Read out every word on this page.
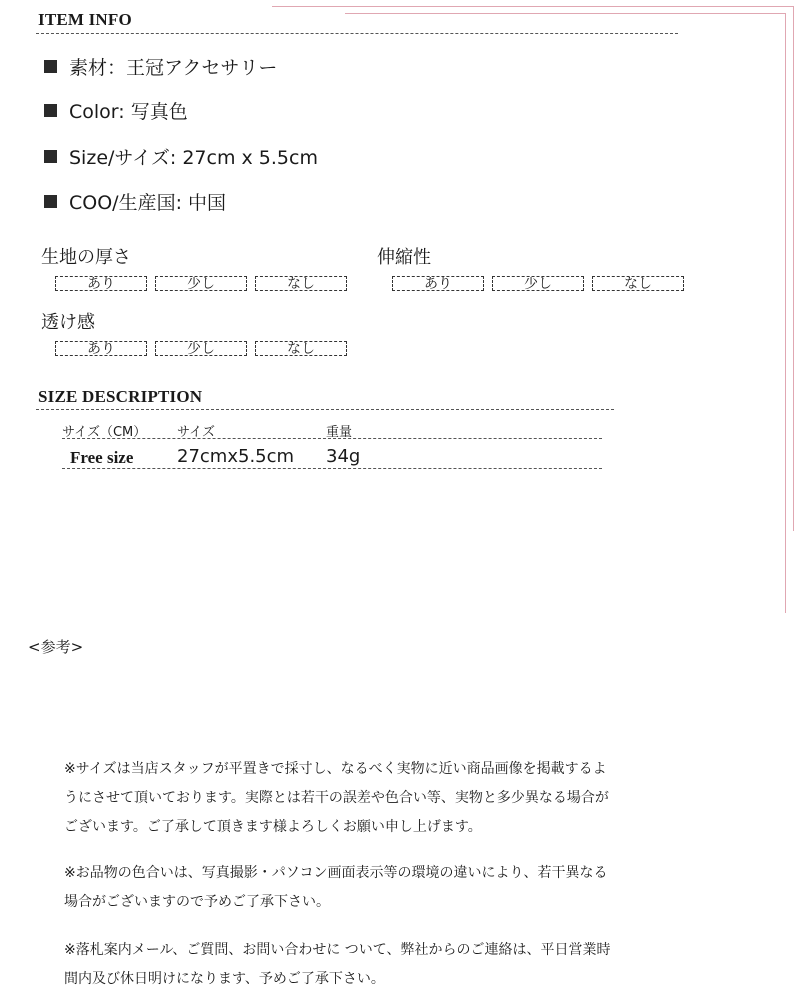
ITEM INFO
素材：王冠アクセサリー
Color: 写真色
Size/サイズ: 27cm x 5.5cm
COO/生産国: 中国
生地の厚さ
あり	少し	なし
伸縮性
あり	少し	なし
透け感
あり	少し	なし
SIZE DESCRIPTION
サイズ（CM） サイズ	重量
Free size 27cmx5.5cm 34g
<参考>
※サイズは当店スタッフが平置きで採寸し、なるべく実物に近い商品画像を掲載するよ
うにさせて頂いております。実際とは若干の誤差や色合い等、実物と多少異なる場合が
ございます。ご了承して頂きます様よろしくお願い申し上げます。
※お品物の色合いは、写真撮影・パソコン画面表示等の環境の違いにより、若干異なる
場合がございますので予めご了承下さい。
※落札案内メール、ご質問、お問い合わせに ついて、弊社からのご連絡は、平日営業時
間内及び休日明けになります、予めご了承下さい。
